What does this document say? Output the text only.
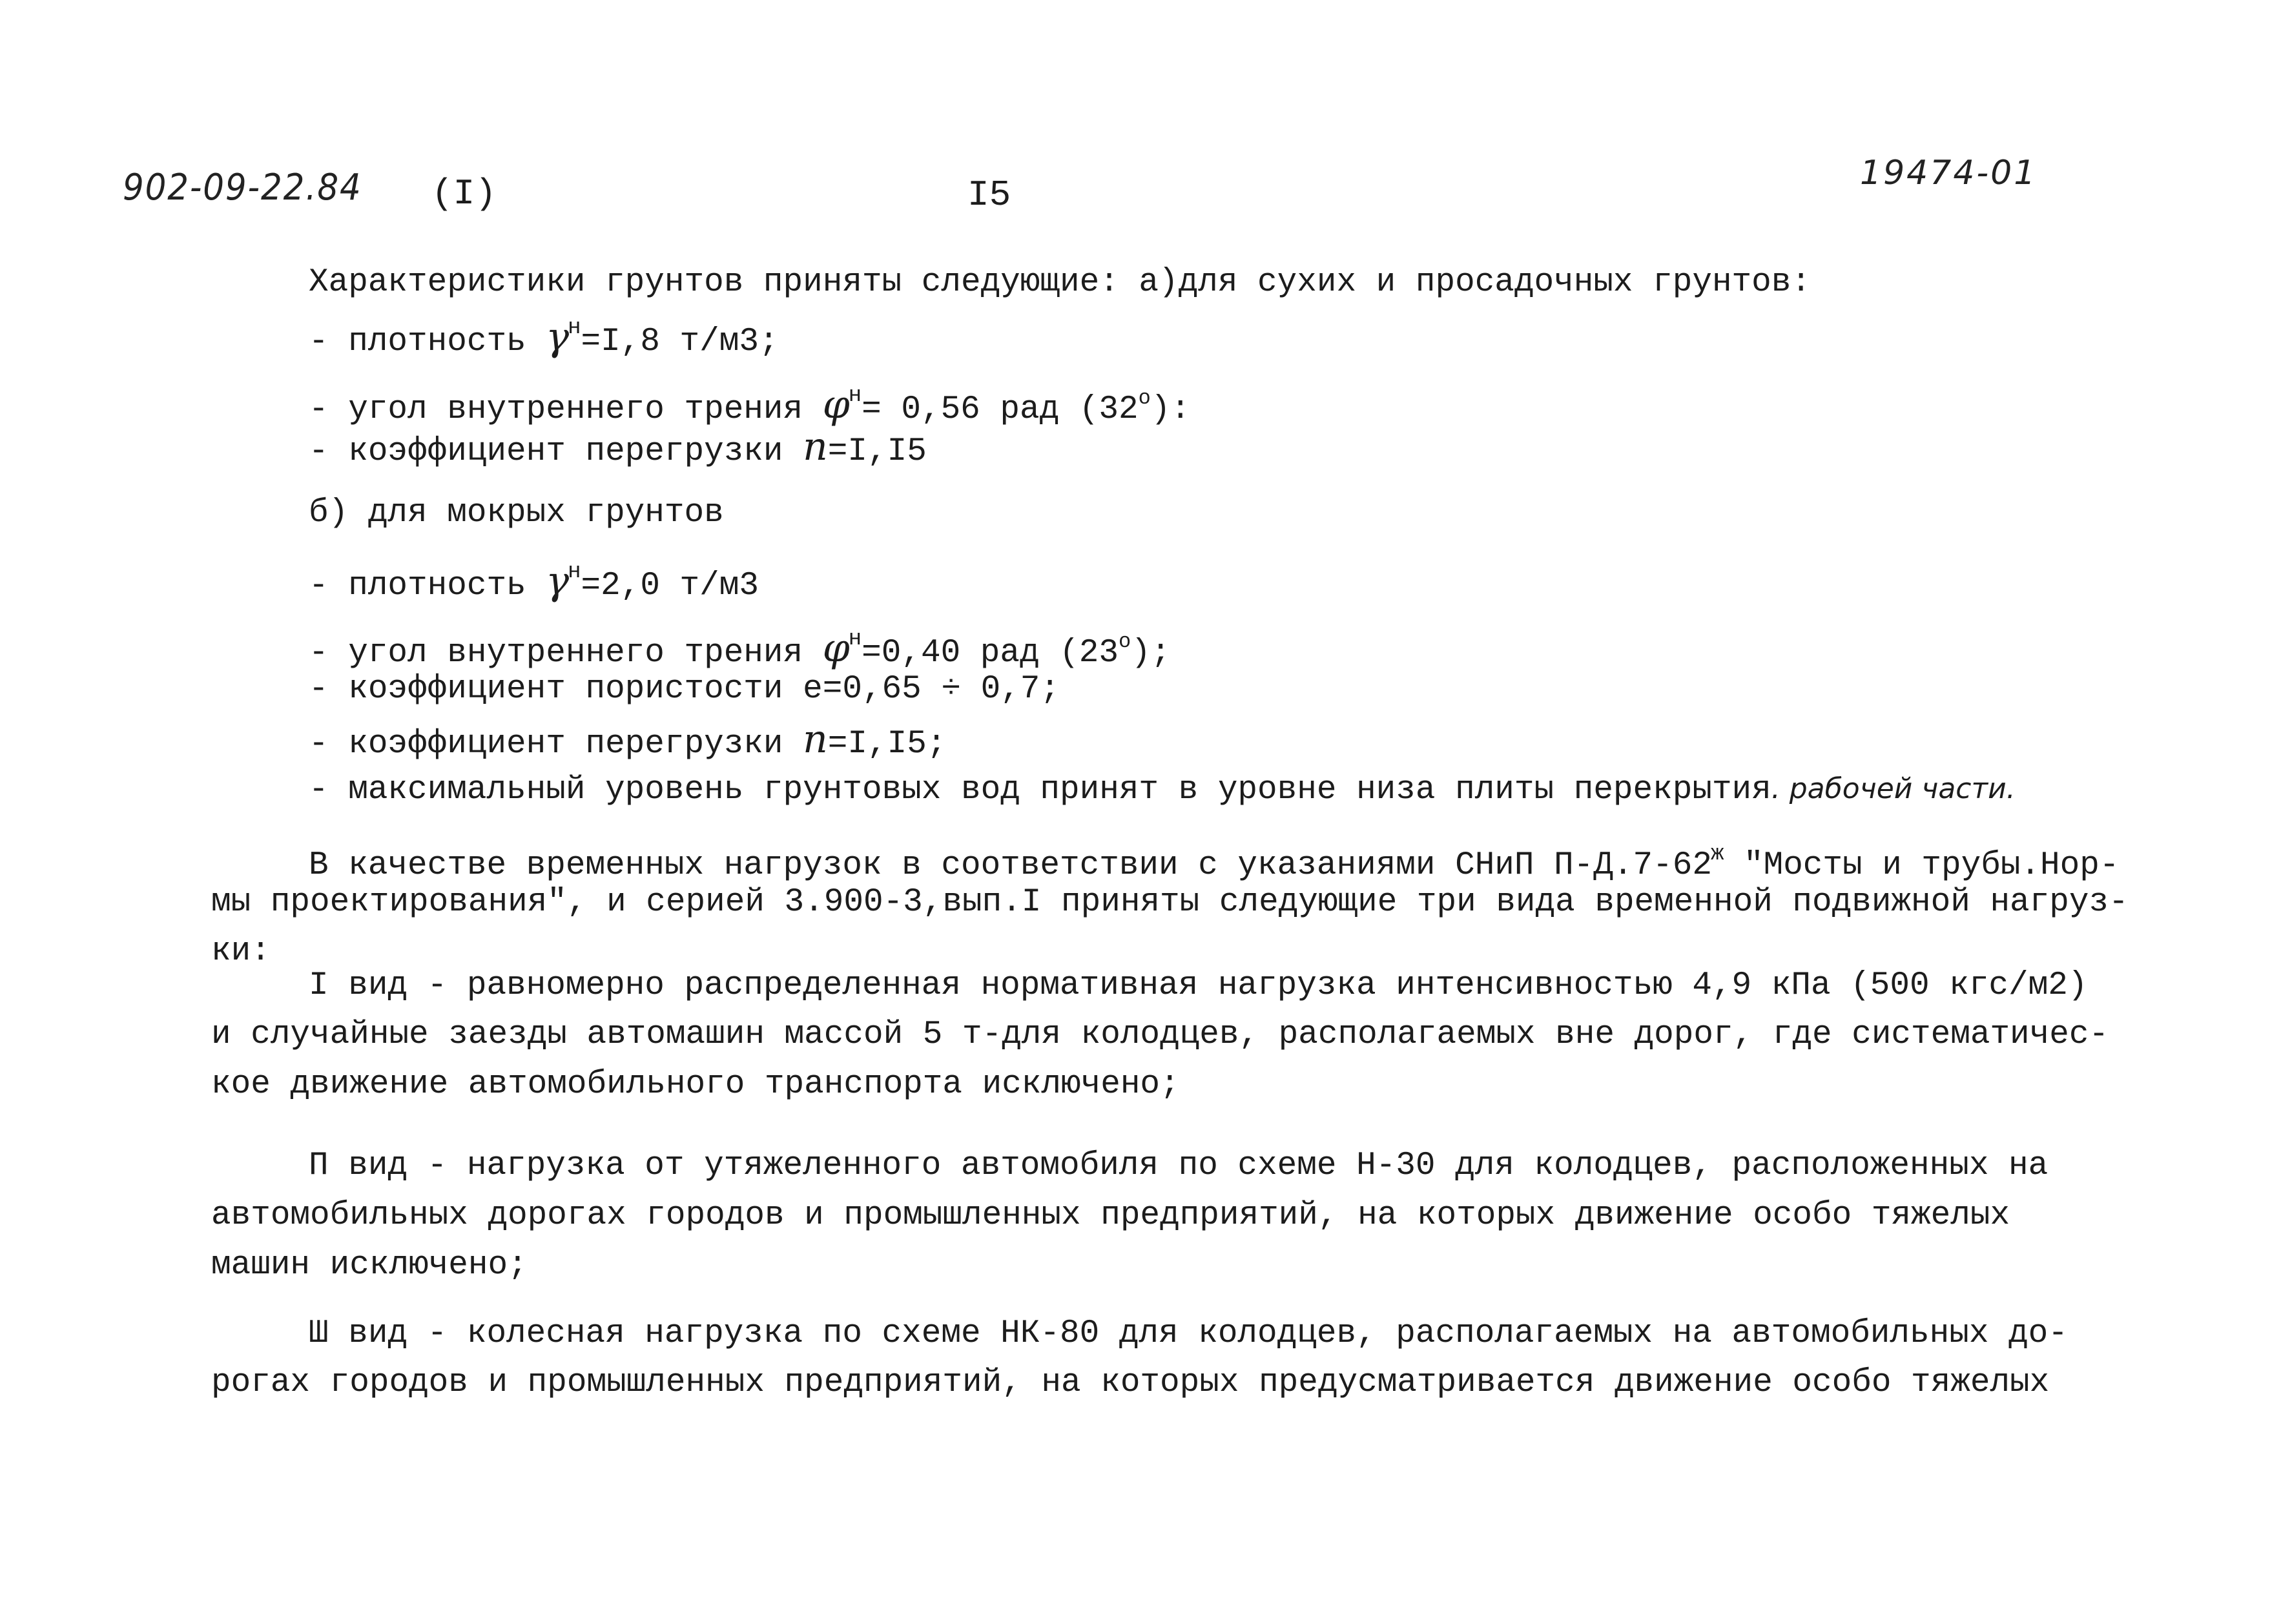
902-09-22.84 (I)	I5
19474-01
Характеристики грунтов приняты следующие: а)для сухих и просадочных грунтов:
- плотность $\gamma^н=I,8$ т/м3;
- угол внутреннего трения $\varphi^н= 0,56$ рад $(32^о)$:
- коэффициент перегрузки n=I,I5
б) для мокрых грунтов
- плотность $\gamma^н=2,0$ т/м3
- угол внутреннего трения $\varphi^н=0,40$ рад $(23^о)$;
- коэффициент пористости е=0,65 ÷ 0,7;
- коэффициент перегрузки n=I,I5;
- максимальный уровень грунтовых вод принят в уровне низа плиты перекрытия. рабочей части.
В качестве временных нагрузок в соответствии с указаниями СНиП $П-Д.7-62^ж$ "Мосты и трубы.Нор-
мы проектирования", и серией 3.900-3,вып.I приняты следующие три вида временной подвижной нагруз-
ки:
I вид - равномерно распределенная нормативная нагрузка интенсивностью 4,9 кПа (500 кгс/м2)
и случайные заезды автомашин массой 5 т-для колодцев, располагаемых вне дорог, где систематичес-
кое движение автомобильного транспорта исключено;
П вид - нагрузка от утяжеленного автомобиля по схеме Н-30 для колодцев, расположенных на
автомобильных дорогах городов и промышленных предприятий, на которых движение особо тяжелых
машин исключено;
Ш вид - колесная нагрузка по схеме НК-80 для колодцев, располагаемых на автомобильных до-
рогах городов и промышленных предприятий, на которых предусматривается движение особо тяжелых
